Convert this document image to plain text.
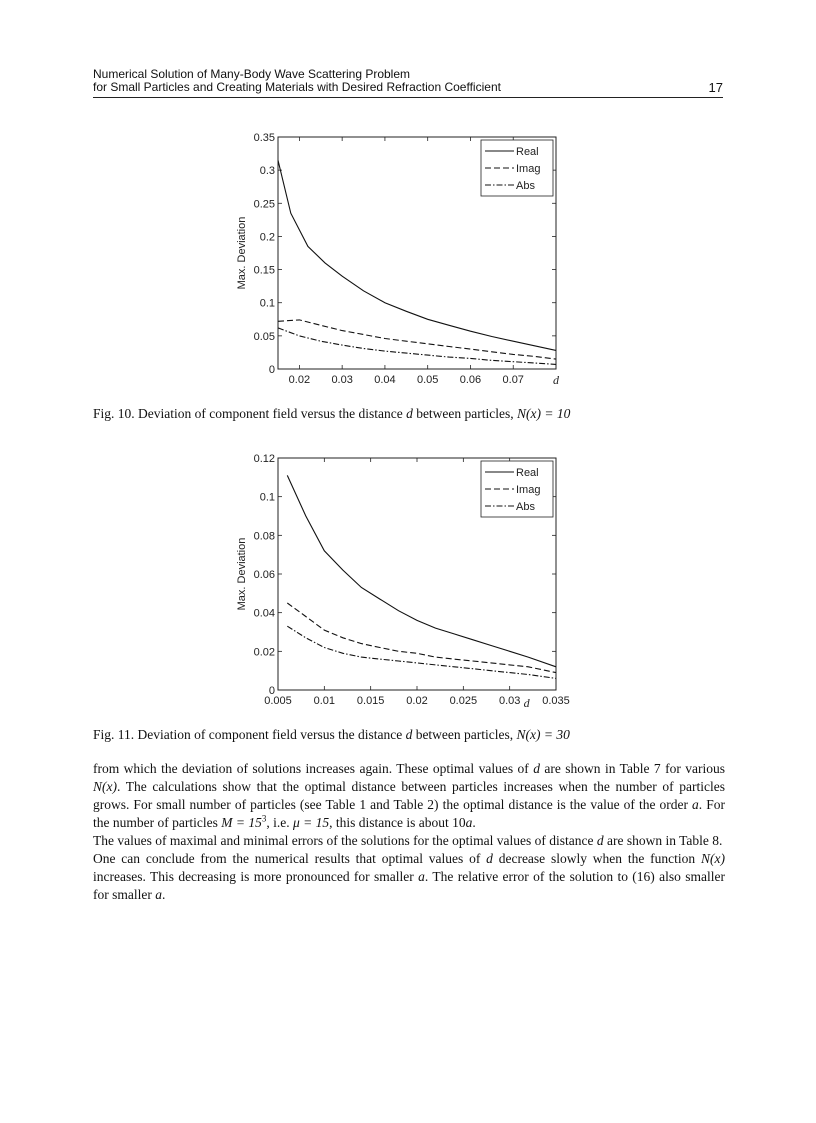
Numerical Solution of Many-Body Wave Scattering Problem
for Small Particles and Creating Materials with Desired Refraction Coefficient	17
0.02 0.03 0.04 0.05 0.06 0.07
0
0.05
0.1
0.15
0.2
0.25
0.3
0.35
d
Max. Deviation
Real
Imag
Abs
Fig. 10. Deviation of component field versus the distance d between particles, N(x) = 10
0.005 0.01 0.015 0.02 0.025 0.03 0.035
0
0.02
0.04
0.06
0.08
0.1
0.12
d
Max. Deviation
Real
Imag
Abs
Fig. 11. Deviation of component field versus the distance d between particles, N(x) = 30

from which the deviation of solutions increases again. These optimal values of d are shown in Table 7 for various N(x). The calculations show that the optimal distance between particles increases when the number of particles grows. For small number of particles (see Table 1 and Table 2) the optimal distance is the value of the order a. For the number of particles $M = 15^3$, i.e. μ = 15, this distance is about 10a.

The values of maximal and minimal errors of the solutions for the optimal values of distance d are shown in Table 8.

One can conclude from the numerical results that optimal values of d decrease slowly when the function N(x) increases. This decreasing is more pronounced for smaller a. The relative error of the solution to (16) also smaller for smaller a.
